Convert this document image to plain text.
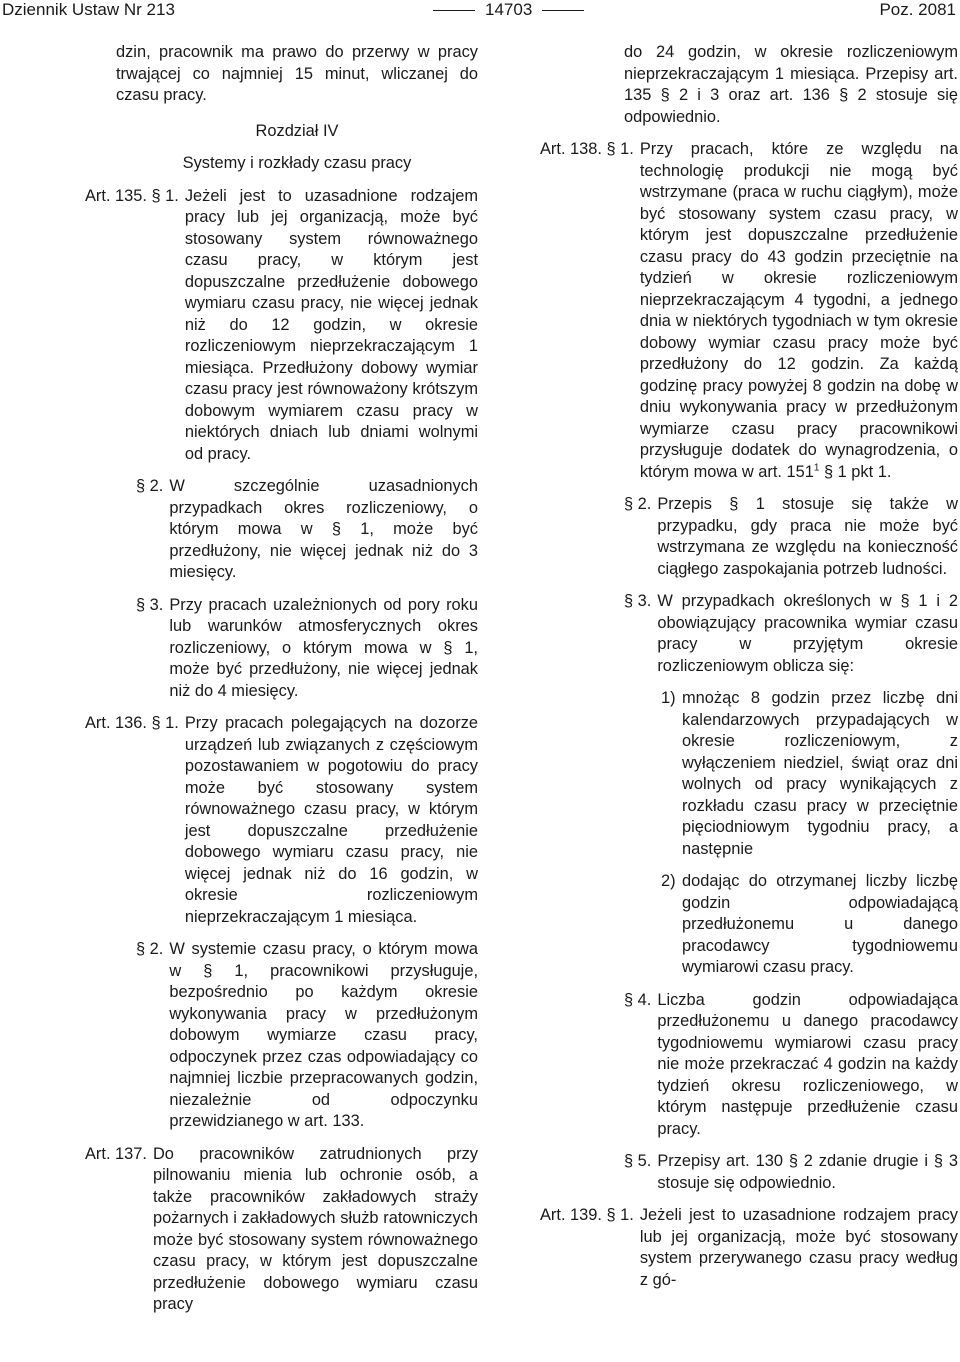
Dziennik Ustaw Nr 213	14703	Poz. 2081

dzin, pracownik ma prawo do przerwy w pracy trwającej co najmniej 15 minut, wliczanej do czasu pracy.

Rozdział IV

Systemy i rozkłady czasu pracy

Art. 135. § 1. Jeżeli jest to uzasadnione rodzajem pracy lub jej organizacją, może być stosowany system równoważnego czasu pracy, w którym jest dopuszczalne przedłużenie dobowego wymiaru czasu pracy, nie więcej jednak niż do 12 godzin, w okresie rozliczeniowym nieprzekraczającym 1 miesiąca. Przedłużony dobowy wymiar czasu pracy jest równoważony krótszym dobowym wymiarem czasu pracy w niektórych dniach lub dniami wolnymi od pracy.
§ 2. W szczególnie uzasadnionych przypadkach okres rozliczeniowy, o którym mowa w § 1, może być przedłużony, nie więcej jednak niż do 3 miesięcy.
§ 3. Przy pracach uzależnionych od pory roku lub warunków atmosferycznych okres rozliczeniowy, o którym mowa w § 1, może być przedłużony, nie więcej jednak niż do 4 miesięcy.
Art. 136. § 1. Przy pracach polegających na dozorze urządzeń lub związanych z częściowym pozostawaniem w pogotowiu do pracy może być stosowany system równoważnego czasu pracy, w którym jest dopuszczalne przedłużenie dobowego wymiaru czasu pracy, nie więcej jednak niż do 16 godzin, w okresie rozliczeniowym nieprzekraczającym 1 miesiąca.
§ 2. W systemie czasu pracy, o którym mowa w § 1, pracownikowi przysługuje, bezpośrednio po każdym okresie wykonywania pracy w przedłużonym dobowym wymiarze czasu pracy, odpoczynek przez czas odpowiadający co najmniej liczbie przepracowanych godzin, niezależnie od odpoczynku przewidzianego w art. 133.
Art. 137. Do pracowników zatrudnionych przy pilnowaniu mienia lub ochronie osób, a także pracowników zakładowych straży pożarnych i zakładowych służb ratowniczych może być stosowany system równoważnego czasu pracy, w którym jest dopuszczalne przedłużenie dobowego wymiaru czasu pracy
do 24 godzin, w okresie rozliczeniowym nieprzekraczającym 1 miesiąca. Przepisy art. 135 § 2 i 3 oraz art. 136 § 2 stosuje się odpowiednio.
Art. 138. § 1. Przy pracach, które ze względu na technologię produkcji nie mogą być wstrzymane (praca w ruchu ciągłym), może być stosowany system czasu pracy, w którym jest dopuszczalne przedłużenie czasu pracy do 43 godzin przeciętnie na tydzień w okresie rozliczeniowym nieprzekraczającym 4 tygodni, a jednego dnia w niektórych tygodniach w tym okresie dobowy wymiar czasu pracy może być przedłużony do 12 godzin. Za każdą godzinę pracy powyżej 8 godzin na dobę w dniu wykonywania pracy w przedłużonym wymiarze czasu pracy pracownikowi przysługuje dodatek do wynagrodzenia, o którym mowa w art. $151^1$ § 1 pkt 1.
§ 2. Przepis § 1 stosuje się także w przypadku, gdy praca nie może być wstrzymana ze względu na konieczność ciągłego zaspokajania potrzeb ludności.
§ 3. W przypadkach określonych w § 1 i 2 obowiązujący pracownika wymiar czasu pracy w przyjętym okresie rozliczeniowym oblicza się:
1) mnożąc 8 godzin przez liczbę dni kalendarzowych przypadających w okresie rozliczeniowym, z wyłączeniem niedziel, świąt oraz dni wolnych od pracy wynikających z rozkładu czasu pracy w przeciętnie pięciodniowym tygodniu pracy, a następnie
2) dodając do otrzymanej liczby liczbę godzin odpowiadającą przedłużonemu u danego pracodawcy tygodniowemu wymiarowi czasu pracy.
§ 4. Liczba godzin odpowiadająca przedłużonemu u danego pracodawcy tygodniowemu wymiarowi czasu pracy nie może przekraczać 4 godzin na każdy tydzień okresu rozliczeniowego, w którym następuje przedłużenie czasu pracy.
§ 5. Przepisy art. 130 § 2 zdanie drugie i § 3 stosuje się odpowiednio.
Art. 139. § 1. Jeżeli jest to uzasadnione rodzajem pracy lub jej organizacją, może być stosowany system przerywanego czasu pracy według z gó-
